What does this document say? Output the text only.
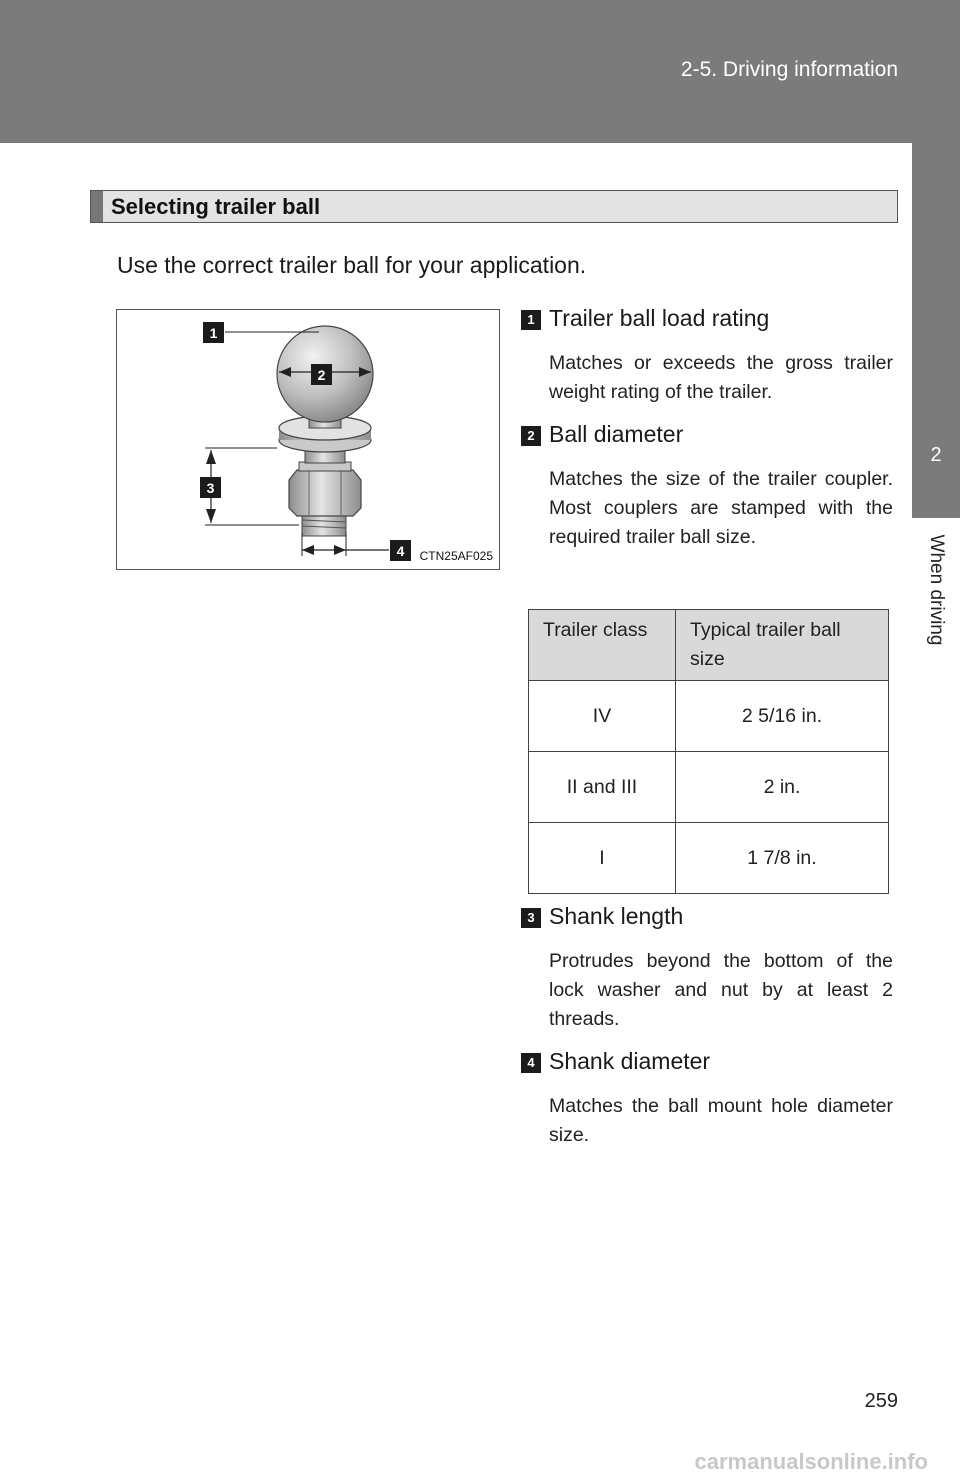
2-5. Driving information
2
When driving
Selecting trailer ball
Use the correct trailer ball for your application.
1
2
3
4 CTN25AF025
1 Trailer ball load rating
Matches or exceeds the gross trailer weight rating of the trailer.
2 Ball diameter
Matches the size of the trailer coupler. Most couplers are stamped with the required trailer ball size.
Trailer class	Typical trailer ball size
IV	2 5/16 in.
II and III	2 in.
I	1 7/8 in.
3 Shank length
Protrudes beyond the bottom of the lock washer and nut by at least 2 threads.
4 Shank diameter
Matches the ball mount hole diameter size.
259
carmanualsonline.info
